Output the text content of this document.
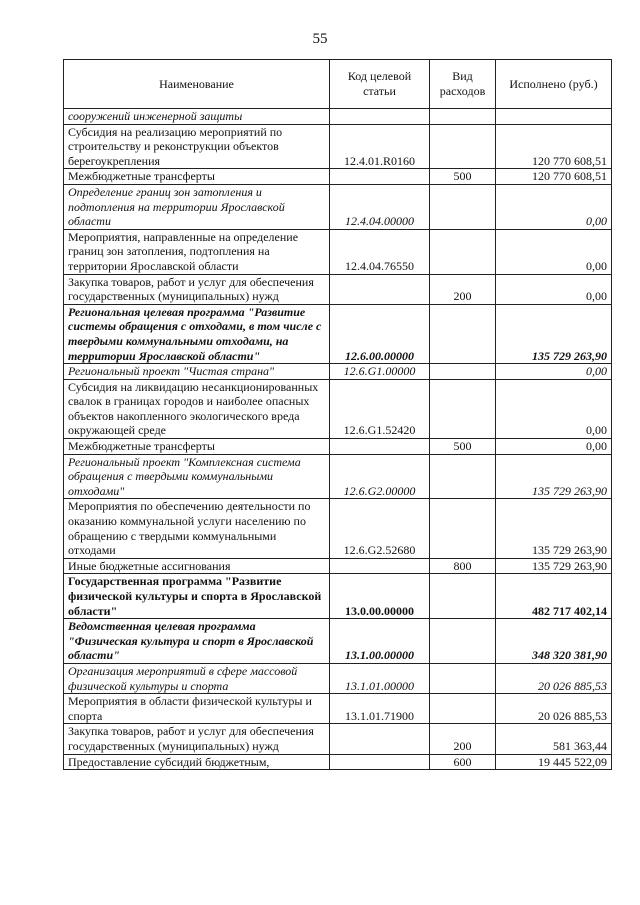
55
Наименование	Код целевой статьи	Вид расходов	Исполнено (руб.)
сооружений инженерной защиты			
Субсидия на реализацию мероприятий по строительству и реконструкции объектов берегоукрепления	12.4.01.R0160		120 770 608,51
Межбюджетные трансферты		500	120 770 608,51
Определение границ зон затопления и подтопления на территории Ярославской области	12.4.04.00000		0,00
Мероприятия, направленные на определение границ зон затопления, подтопления на территории Ярославской области	12.4.04.76550		0,00
Закупка товаров, работ и услуг для обеспечения государственных (муниципальных) нужд		200	0,00
Региональная целевая программа "Развитие системы обращения с отходами, в том числе с твердыми коммунальными отходами, на территории Ярославской области"	12.6.00.00000		135 729 263,90
Региональный проект "Чистая страна"	12.6.G1.00000		0,00
Субсидия на ликвидацию несанкционированных свалок в границах городов и наиболее опасных объектов накопленного экологического вреда окружающей среде	12.6.G1.52420		0,00
Межбюджетные трансферты		500	0,00
Региональный проект "Комплексная система обращения с твердыми коммунальными отходами"	12.6.G2.00000		135 729 263,90
Мероприятия по обеспечению деятельности по оказанию коммунальной услуги населению по обращению с твердыми коммунальными отходами	12.6.G2.52680		135 729 263,90
Иные бюджетные ассигнования		800	135 729 263,90
Государственная программа "Развитие физической культуры и спорта в Ярославской области"	13.0.00.00000		482 717 402,14
Ведомственная целевая программа "Физическая культура и спорт в Ярославской области"	13.1.00.00000		348 320 381,90
Организация мероприятий в сфере массовой физической культуры и спорта	13.1.01.00000		20 026 885,53
Мероприятия в области физической культуры и спорта	13.1.01.71900		20 026 885,53
Закупка товаров, работ и услуг для обеспечения государственных (муниципальных) нужд		200	581 363,44
Предоставление субсидий бюджетным,		600	19 445 522,09
